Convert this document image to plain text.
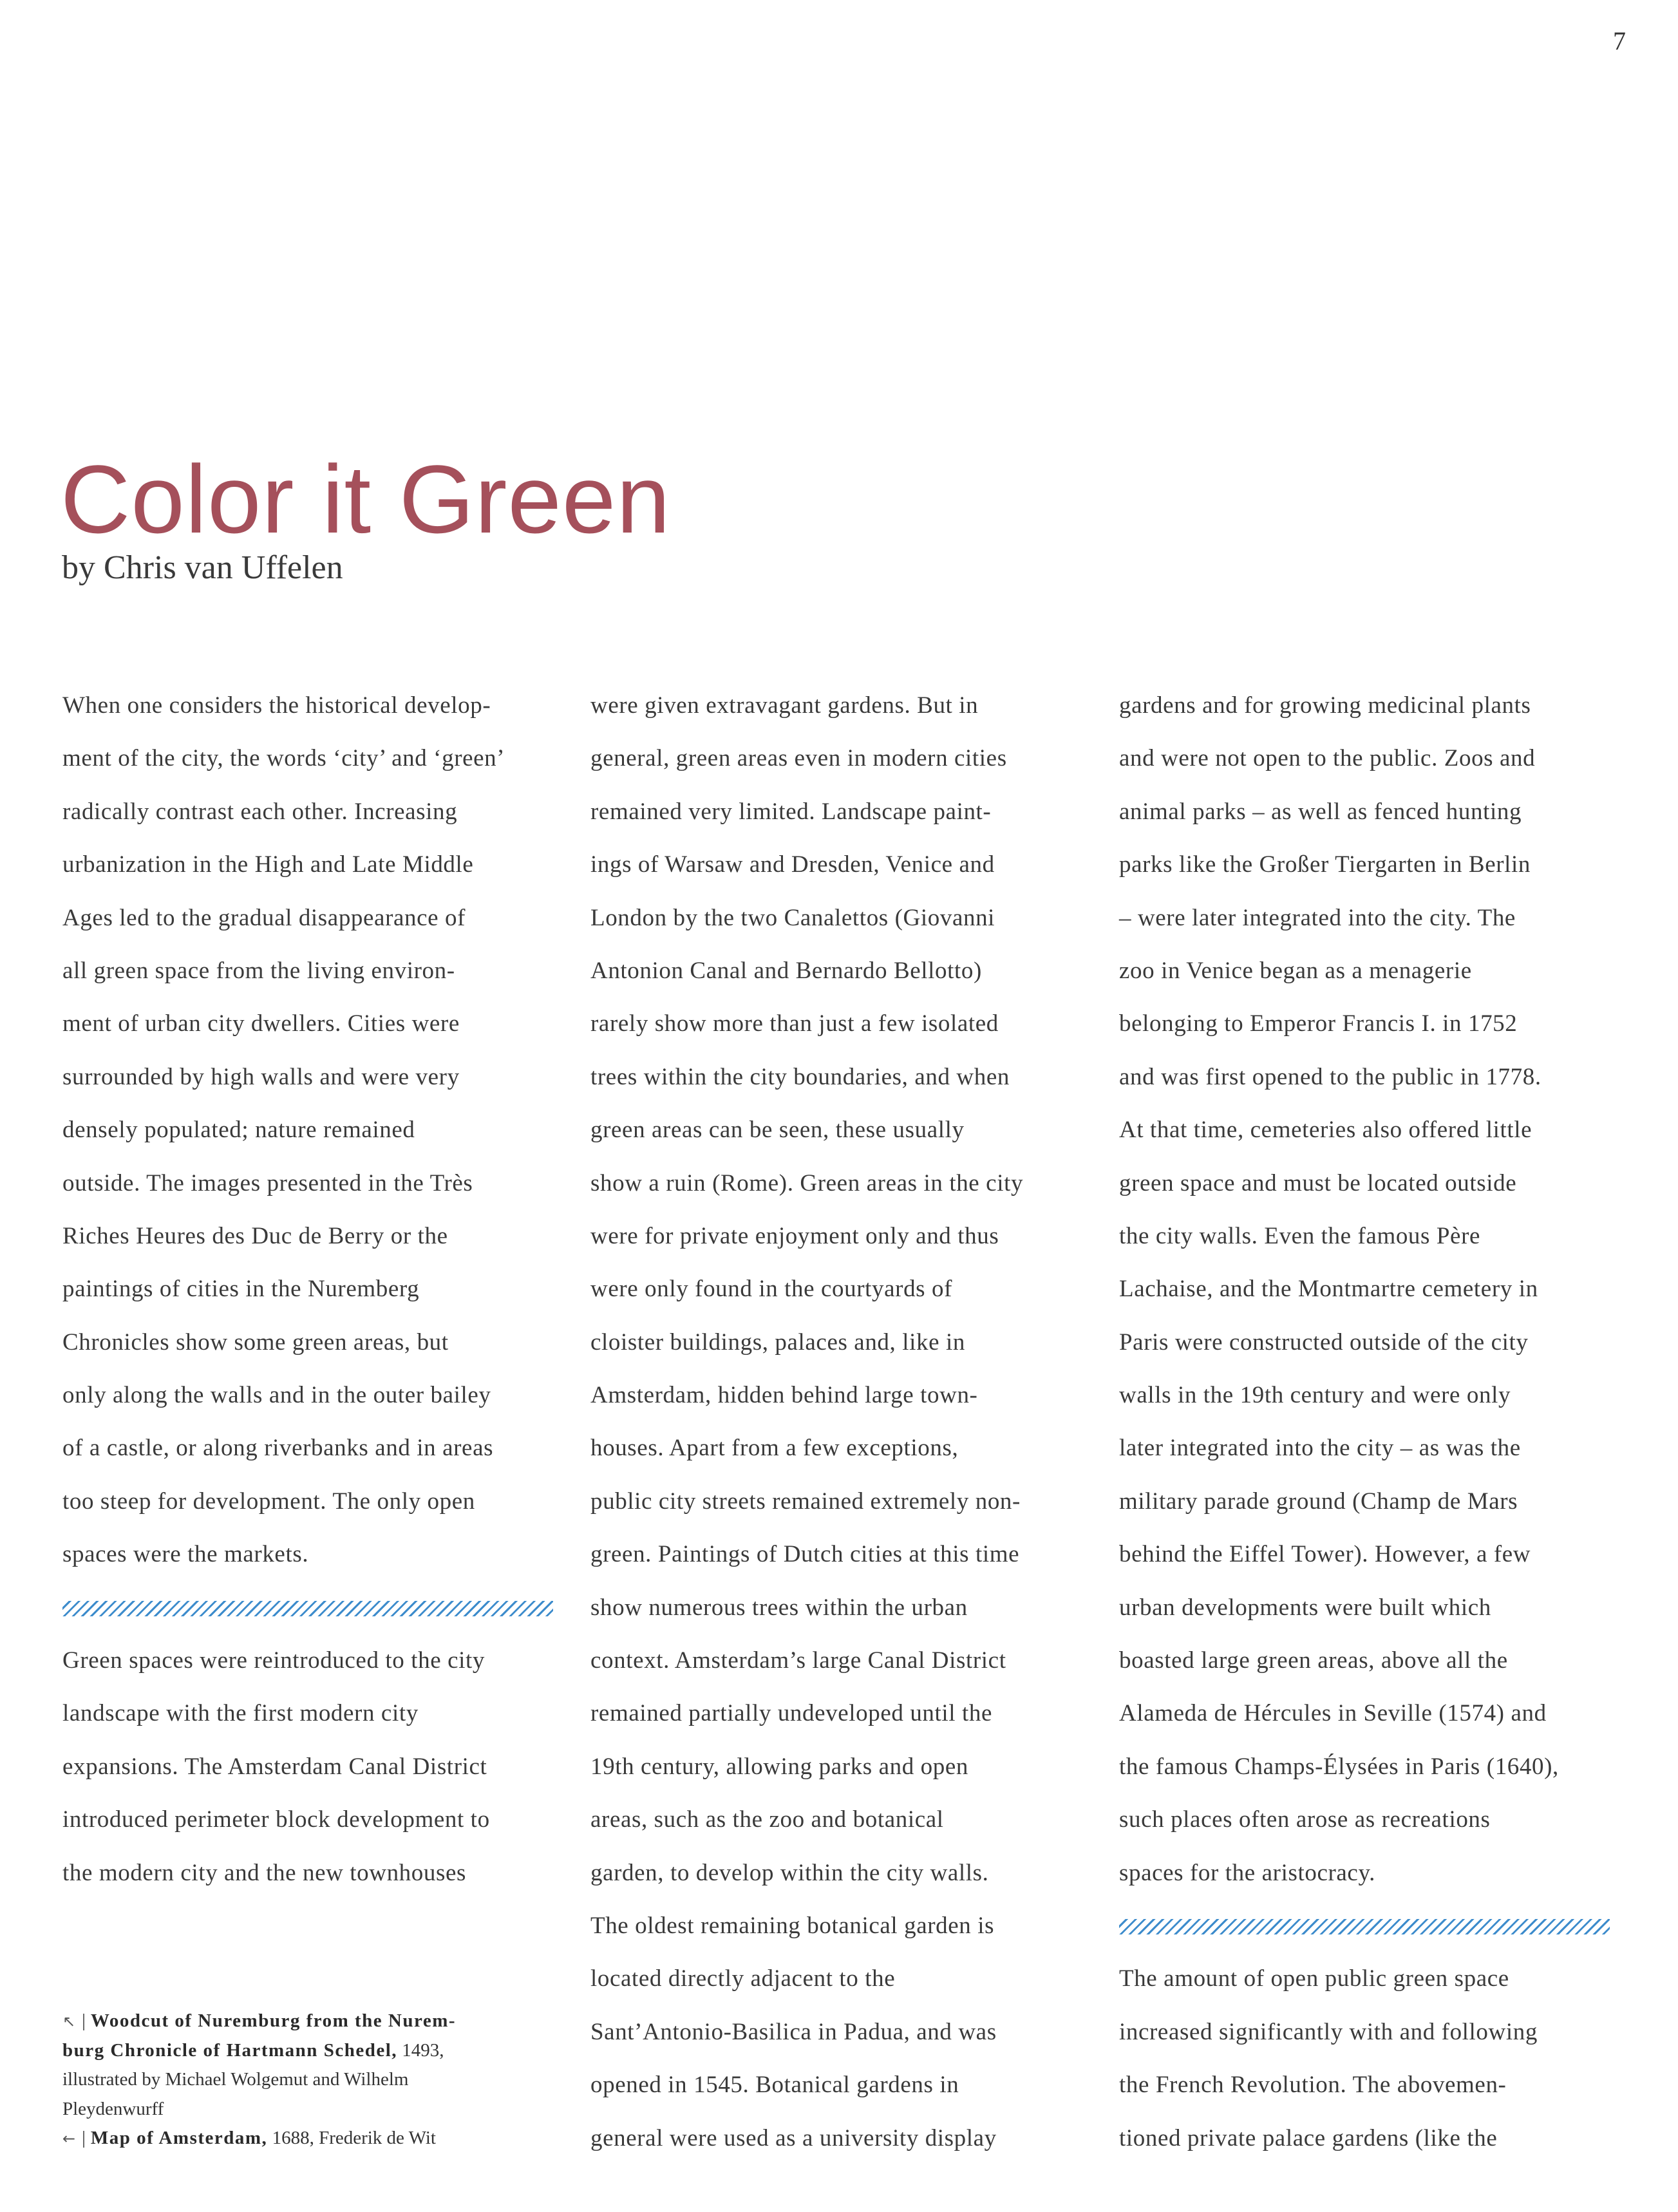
7
Color it Green
by Chris van Uffelen
When one considers the historical develop-
ment of the city, the words ‘city’ and ‘green’
radically contrast each other. Increasing
urbanization in the High and Late Middle
Ages led to the gradual disappearance of
all green space from the living environ-
ment of urban city dwellers. Cities were
surrounded by high walls and were very
densely populated; nature remained
outside. The images presented in the Très
Riches Heures des Duc de Berry or the
paintings of cities in the Nuremberg
Chronicles show some green areas, but
only along the walls and in the outer bailey
of a castle, or along riverbanks and in areas
too steep for development. The only open
spaces were the markets.
Green spaces were reintroduced to the city
landscape with the first modern city
expansions. The Amsterdam Canal District
introduced perimeter block development to
the modern city and the new townhouses
were given extravagant gardens. But in
general, green areas even in modern cities
remained very limited. Landscape paint-
ings of Warsaw and Dresden, Venice and
London by the two Canalettos (Giovanni
Antonion Canal and Bernardo Bellotto)
rarely show more than just a few isolated
trees within the city boundaries, and when
green areas can be seen, these usually
show a ruin (Rome). Green areas in the city
were for private enjoyment only and thus
were only found in the courtyards of
cloister buildings, palaces and, like in
Amsterdam, hidden behind large town-
houses. Apart from a few exceptions,
public city streets remained extremely non-
green. Paintings of Dutch cities at this time
show numerous trees within the urban
context. Amsterdam’s large Canal District
remained partially undeveloped until the
19th century, allowing parks and open
areas, such as the zoo and botanical
garden, to develop within the city walls.
The oldest remaining botanical garden is
located directly adjacent to the
Sant’Antonio-Basilica in Padua, and was
opened in 1545. Botanical gardens in
general were used as a university display
gardens and for growing medicinal plants
and were not open to the public. Zoos and
animal parks – as well as fenced hunting
parks like the Großer Tiergarten in Berlin
– were later integrated into the city. The
zoo in Venice began as a menagerie
belonging to Emperor Francis I. in 1752
and was first opened to the public in 1778.
At that time, cemeteries also offered little
green space and must be located outside
the city walls. Even the famous Père
Lachaise, and the Montmartre cemetery in
Paris were constructed outside of the city
walls in the 19th century and were only
later integrated into the city – as was the
military parade ground (Champ de Mars
behind the Eiffel Tower). However, a few
urban developments were built which
boasted large green areas, above all the
Alameda de Hércules in Seville (1574) and
the famous Champs-Élysées in Paris (1640),
such places often arose as recreations
spaces for the aristocracy.
The amount of open public green space
increased significantly with and following
the French Revolution. The abovemen-
tioned private palace gardens (like the
↖ | Woodcut of Nuremburg from the Nurem-
burg Chronicle of Hartmann Schedel, 1493,
illustrated by Michael Wolgemut and Wilhelm
Pleydenwurff
← | Map of Amsterdam, 1688, Frederik de Wit
